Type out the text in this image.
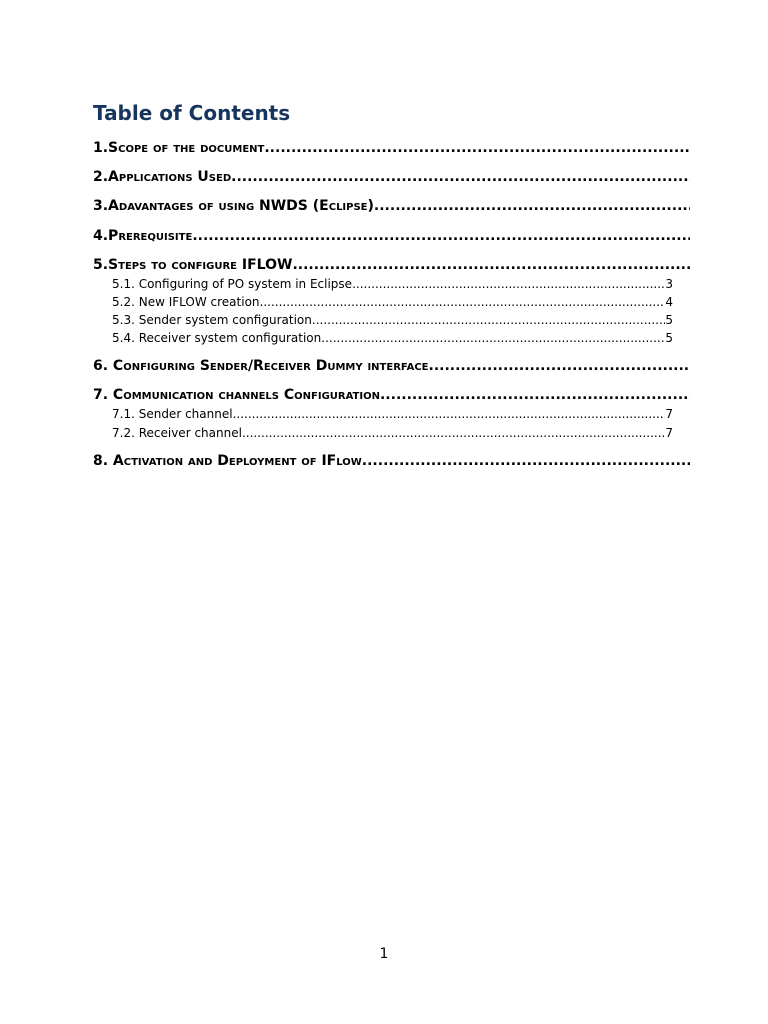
Table of Contents
1.Scope of the document
.....
2.Applications Used
.....
3.Adavantages of using NWDS (Eclipse)
.....
4.Prerequisite
.....
5.Steps to configure IFLOW
.....
5.1. Configuring of PO system in Eclipse .....	3
5.2. New IFLOW creation .....	4
5.3. Sender system configuration .....	5
5.4. Receiver system configuration .....	5
6. Configuring Sender/Receiver Dummy interface
.....
7. Communication channels Configuration
.....
7.1. Sender channel .....	7
7.2. Receiver channel .....	7
8. Activation and Deployment of IFlow
.....
1
